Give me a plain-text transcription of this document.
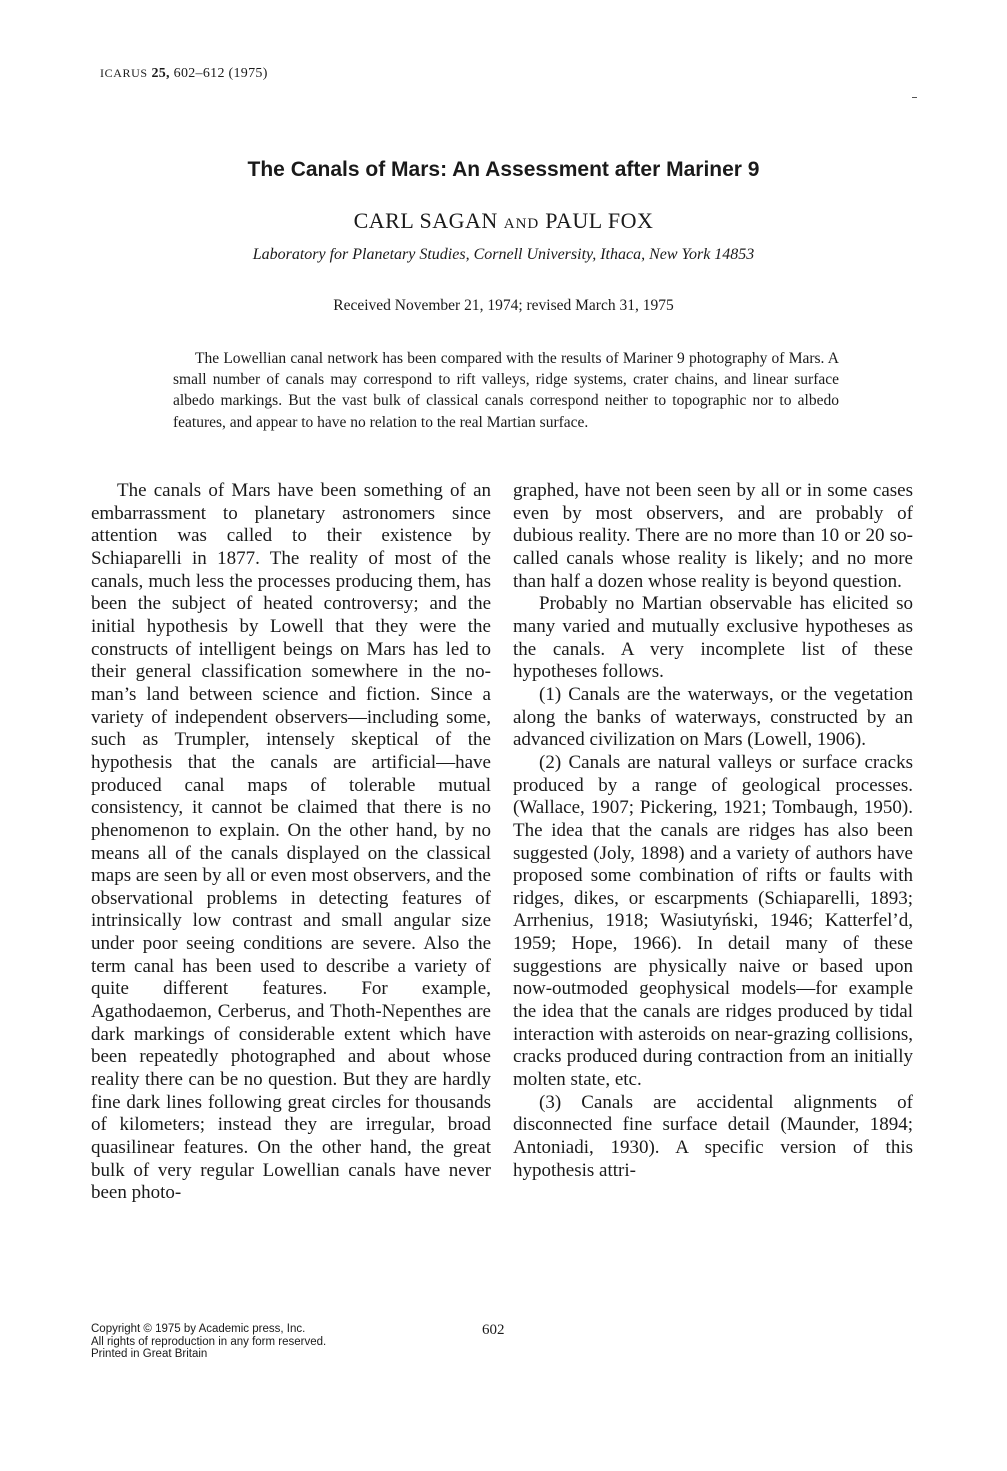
ICARUS 25, 602–612 (1975)
The Canals of Mars: An Assessment after Mariner 9
CARL SAGAN AND PAUL FOX
Laboratory for Planetary Studies, Cornell University, Ithaca, New York 14853
Received November 21, 1974; revised March 31, 1975

The Lowellian canal network has been compared with the results of Mariner 9 photography of Mars. A small number of canals may correspond to rift valleys, ridge systems, crater chains, and linear surface albedo markings. But the vast bulk of classical canals correspond neither to topographic nor to albedo features, and appear to have no relation to the real Martian surface.

The canals of Mars have been something of an embarrassment to planetary astronomers since attention was called to their existence by Schiaparelli in 1877. The reality of most of the canals, much less the processes producing them, has been the subject of heated controversy; and the initial hypothesis by Lowell that they were the constructs of intelligent beings on Mars has led to their general classification somewhere in the no-man’s land between science and fiction. Since a variety of independent observers—including some, such as Trumpler, intensely skeptical of the hypothesis that the canals are artificial—have produced canal maps of tolerable mutual consistency, it cannot be claimed that there is no phenomenon to explain. On the other hand, by no means all of the canals displayed on the classical maps are seen by all or even most observers, and the observational problems in detecting features of intrinsically low contrast and small angular size under poor seeing conditions are severe. Also the term canal has been used to describe a variety of quite different features. For example, Agathodaemon, Cerberus, and Thoth-Nepenthes are dark markings of considerable extent which have been repeatedly photographed and about whose reality there can be no question. But they are hardly fine dark lines following great circles for thousands of kilometers; instead they are irregular, broad quasilinear features. On the other hand, the great bulk of very regular Lowellian canals have never been photo-

graphed, have not been seen by all or in some cases even by most observers, and are probably of dubious reality. There are no more than 10 or 20 so-called canals whose reality is likely; and no more than half a dozen whose reality is beyond question.

Probably no Martian observable has elicited so many varied and mutually exclusive hypotheses as the canals. A very incomplete list of these hypotheses follows.

(1) Canals are the waterways, or the vegetation along the banks of waterways, constructed by an advanced civilization on Mars (Lowell, 1906).

(2) Canals are natural valleys or surface cracks produced by a range of geological processes. (Wallace, 1907; Pickering, 1921; Tombaugh, 1950). The idea that the canals are ridges has also been suggested (Joly, 1898) and a variety of authors have proposed some combination of rifts or faults with ridges, dikes, or escarpments (Schiaparelli, 1893; Arrhenius, 1918; Wasiutyński, 1946; Katterfel’d, 1959; Hope, 1966). In detail many of these suggestions are physically naive or based upon now-outmoded geophysical models—for example the idea that the canals are ridges produced by tidal interaction with asteroids on near-grazing collisions, cracks produced during contraction from an initially molten state, etc.

(3) Canals are accidental alignments of disconnected fine surface detail (Maunder, 1894; Antoniadi, 1930). A specific version of this hypothesis attri-

Copyright © 1975 by Academic press, Inc.
All rights of reproduction in any form reserved.
Printed in Great Britain
602
